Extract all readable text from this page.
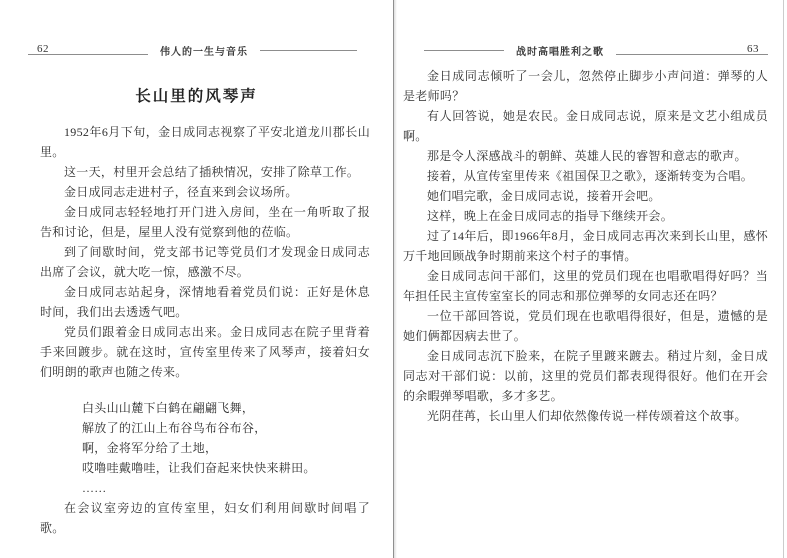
62	伟人的一生与音乐
长山里的风琴声

1952年6月下旬，金日成同志视察了平安北道龙川郡长山里。

这一天，村里开会总结了插秧情况，安排了除草工作。

金日成同志走进村子，径直来到会议场所。

金日成同志轻轻地打开门进入房间，坐在一角听取了报告和讨论，但是，屋里人没有觉察到他的莅临。

到了间歇时间，党支部书记等党员们才发现金日成同志出席了会议，就大吃一惊，感激不尽。

金日成同志站起身，深情地看着党员们说：正好是休息时间，我们出去透透气吧。

党员们跟着金日成同志出来。金日成同志在院子里背着手来回踱步。就在这时，宣传室里传来了风琴声，接着妇女们明朗的歌声也随之传来。

白头山山麓下白鹤在翩翩飞舞，
解放了的江山上布谷鸟布谷布谷，
啊，金将军分给了土地，
哎噜哇戴噜哇，让我们奋起来快快来耕田。
……

在会议室旁边的宣传室里，妇女们利用间歇时间唱了歌。

战时高唱胜利之歌	63

金日成同志倾听了一会儿，忽然停止脚步小声问道：弹琴的人是老师吗？

有人回答说，她是农民。金日成同志说，原来是文艺小组成员啊。

那是令人深感战斗的朝鲜、英雄人民的睿智和意志的歌声。

接着，从宣传室里传来《祖国保卫之歌》，逐渐转变为合唱。

她们唱完歌，金日成同志说，接着开会吧。

这样，晚上在金日成同志的指导下继续开会。

过了14年后，即1966年8月，金日成同志再次来到长山里，感怀万千地回顾战争时期前来这个村子的事情。

金日成同志问干部们，这里的党员们现在也唱歌唱得好吗？当年担任民主宣传室室长的同志和那位弹琴的女同志还在吗？

一位干部回答说，党员们现在也歌唱得很好，但是，遗憾的是她们俩都因病去世了。

金日成同志沉下脸来，在院子里踱来踱去。稍过片刻，金日成同志对干部们说：以前，这里的党员们都表现得很好。他们在开会的余暇弹琴唱歌，多才多艺。

光阴荏苒，长山里人们却依然像传说一样传颂着这个故事。
